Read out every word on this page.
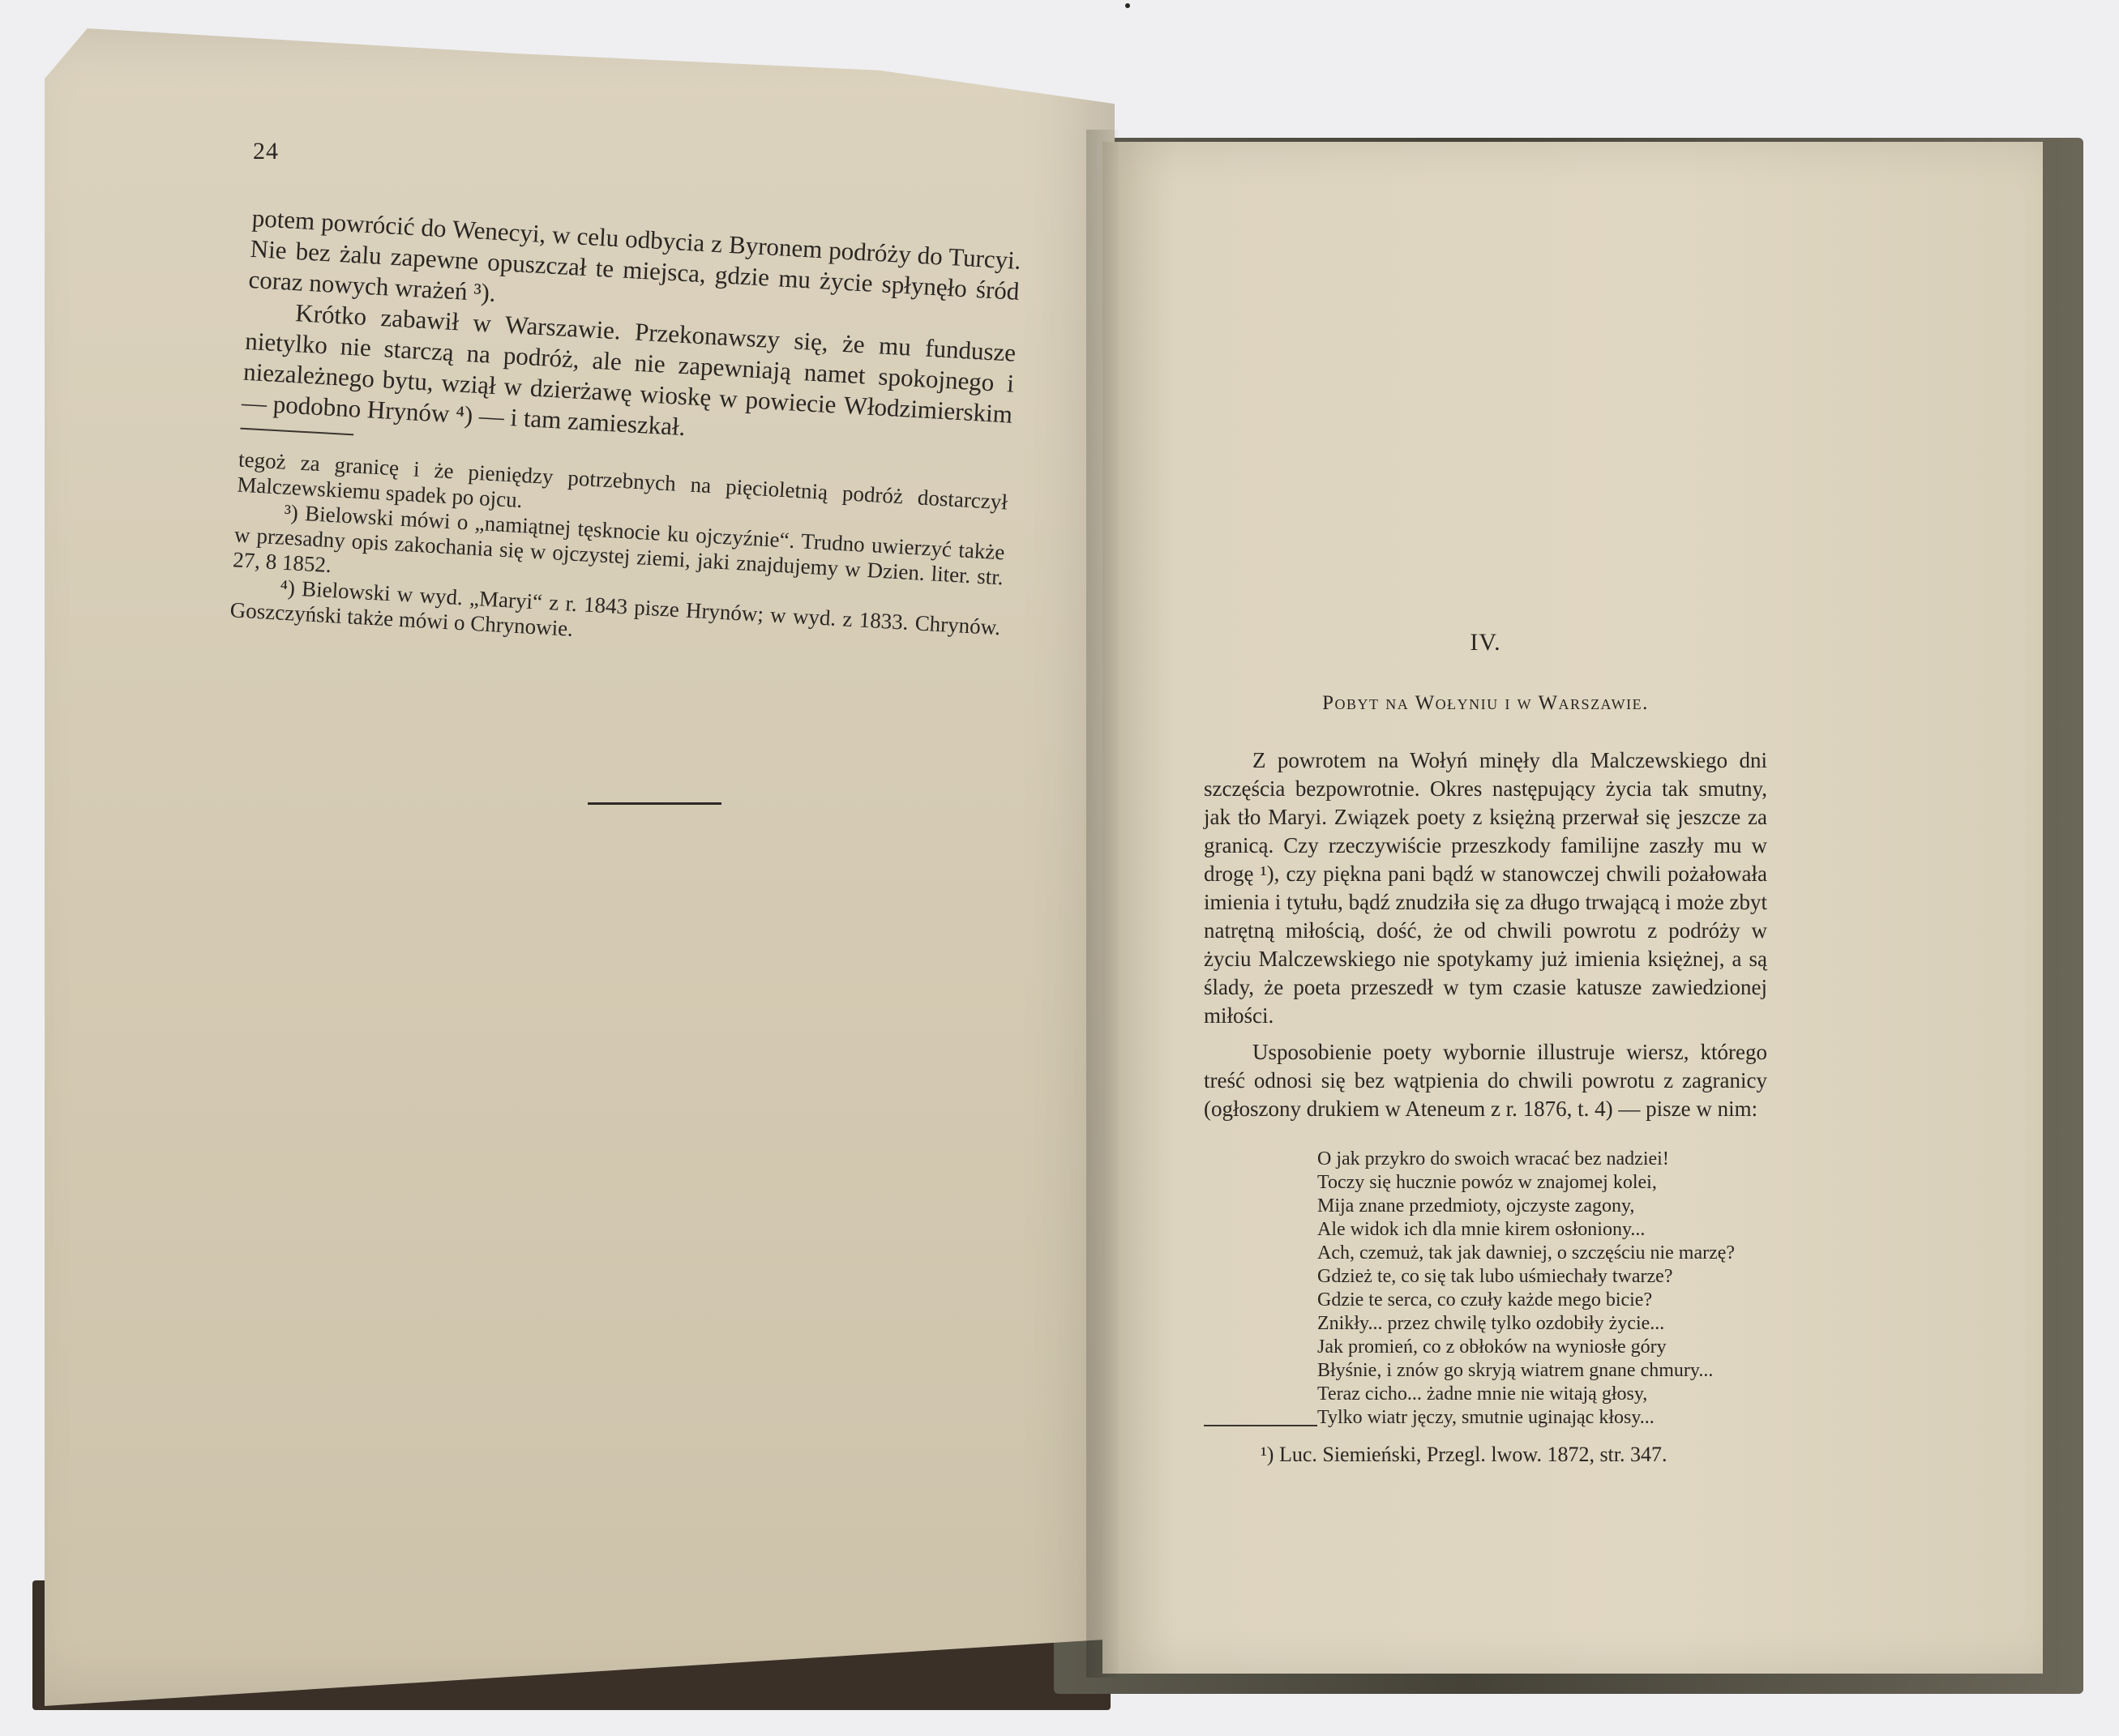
24

potem powrócić do Wenecyi, w celu odbycia z Byronem podróży do Turcyi. Nie bez żalu zapewne opuszczał te miejsca, gdzie mu życie spłynęło śród coraz nowych wrażeń ³).

Krótko zabawił w Warszawie. Przekonawszy się, że mu fundusze nietylko nie starczą na podróż, ale nie zapewniają namet spokojnego i niezależnego bytu, wziął w dzierżawę wioskę w powiecie Włodzimierskim — podobno Hrynów ⁴) — i tam zamieszkał.

tegoż za granicę i że pieniędzy potrzebnych na pięcioletnią podróż dostarczył Malczewskiemu spadek po ojcu.

³) Bielowski mówi o „namiątnej tęsknocie ku ojczyźnie“. Trudno uwierzyć także w przesadny opis zakochania się w ojczystej ziemi, jaki znajdujemy w Dzien. liter. str. 27, 8 1852.

⁴) Bielowski w wyd. „Maryi“ z r. 1843 pisze Hrynów; w wyd. z 1833. Chrynów. Goszczyński także mówi o Chrynowie.

IV.
Pobyt na Wołyniu i w Warszawie.

Z powrotem na Wołyń minęły dla Malczewskiego dni szczęścia bezpowrotnie. Okres następujący życia tak smutny, jak tło Maryi. Związek poety z księżną przerwał się jeszcze za granicą. Czy rzeczywiście przeszkody familijne zaszły mu w drogę ¹), czy piękna pani bądź w stanowczej chwili pożałowała imienia i tytułu, bądź znudziła się za długo trwającą i może zbyt natrętną miłością, dość, że od chwili powrotu z podróży w życiu Malczewskiego nie spotykamy już imienia księżnej, a są ślady, że poeta przeszedł w tym czasie katusze zawiedzionej miłości.

Usposobienie poety wybornie illustruje wiersz, którego treść odnosi się bez wątpienia do chwili powrotu z zagranicy (ogłoszony drukiem w Ateneum z r. 1876, t. 4) — pisze w nim:

O jak przykro do swoich wracać bez nadziei!
Toczy się hucznie powóz w znajomej kolei,
Mija znane przedmioty, ojczyste zagony,
Ale widok ich dla mnie kirem osłoniony...
Ach, czemuż, tak jak dawniej, o szczęściu nie marzę?
Gdzież te, co się tak lubo uśmiechały twarze?
Gdzie te serca, co czuły każde mego bicie?
Znikły... przez chwilę tylko ozdobiły życie...
Jak promień, co z obłoków na wyniosłe góry
Błyśnie, i znów go skryją wiatrem gnane chmury...
Teraz cicho... żadne mnie nie witają głosy,
Tylko wiatr jęczy, smutnie uginając kłosy...
¹) Luc. Siemieński, Przegl. lwow. 1872, str. 347.
